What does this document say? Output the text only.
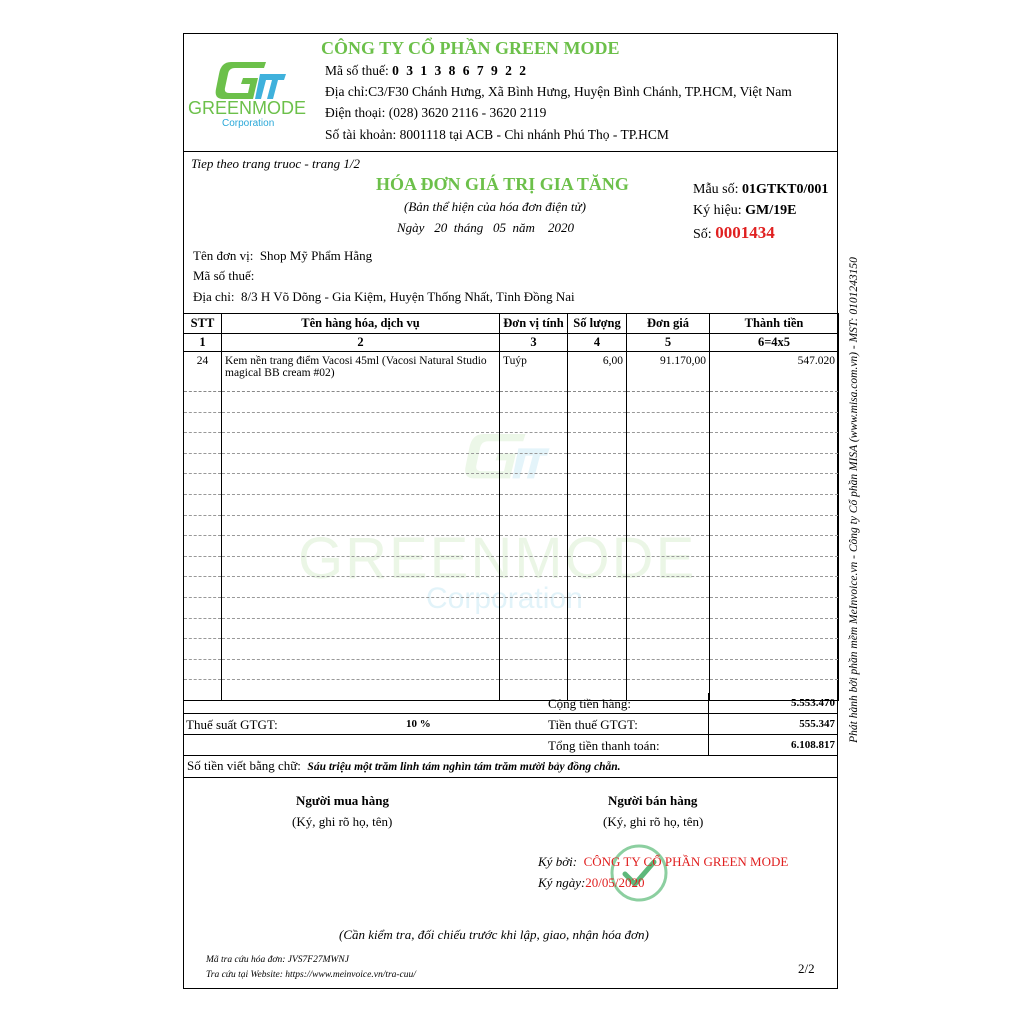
GREENMODE
Corporation
CÔNG TY CỔ PHẦN GREEN MODE
Mã số thuế: 0 3 1 3 8 6 7 9 2 2
Địa chỉ:C3/F30 Chánh Hưng, Xã Bình Hưng, Huyện Bình Chánh, TP.HCM, Việt Nam
Điện thoại: (028) 3620 2116 - 3620 2119
Số tài khoản: 8001118 tại ACB - Chi nhánh Phú Thọ - TP.HCM
Tiep theo trang truoc - trang 1/2
HÓA ĐƠN GIÁ TRỊ GIA TĂNG
(Bản thể hiện của hóa đơn điện tử)
Ngày   20  tháng   05  năm    2020
Mẫu số: 01GTKT0/001
Ký hiệu: GM/19E
Số: 0001434
Tên đơn vị: Shop Mỹ Phẩm Hằng
Mã số thuế:
Địa chỉ: 8/3 H Võ Dõng - Gia Kiệm, Huyện Thống Nhất, Tỉnh Đồng Nai
GREENMODE
Corporation
STT	Tên hàng hóa, dịch vụ	Đơn vị tính	Số lượng	Đơn giá	Thành tiền
1	2	3	4	5	6=4x5
24	Kem nền trang điểm Vacosi 45ml (Vacosi Natural Studio magical BB cream #02)	Tuýp	6,00	91.170,00	547.020

Cộng tiền hàng:	5.553.470
Thuế suất GTGT:	10 %	Tiền thuế GTGT:	555.347
Tổng tiền thanh toán:	6.108.817
Số tiền viết bằng chữ: Sáu triệu một trăm linh tám nghìn tám trăm mười bảy đồng chẵn.
Người mua hàng
(Ký, ghi rõ họ, tên)
Người bán hàng
(Ký, ghi rõ họ, tên)
Ký bởi: CÔNG TY CỔ PHẦN GREEN MODE
Ký ngày:20/05/2020
(Cần kiểm tra, đối chiếu trước khi lập, giao, nhận hóa đơn)
Mã tra cứu hóa đơn: JVS7F27MWNJ
Tra cứu tại Website: https://www.meinvoice.vn/tra-cuu/	2/2
Phát hành bởi phần mềm MeInvoice.vn - Công ty Cổ phần MISA (www.misa.com.vn) - MST: 0101243150
